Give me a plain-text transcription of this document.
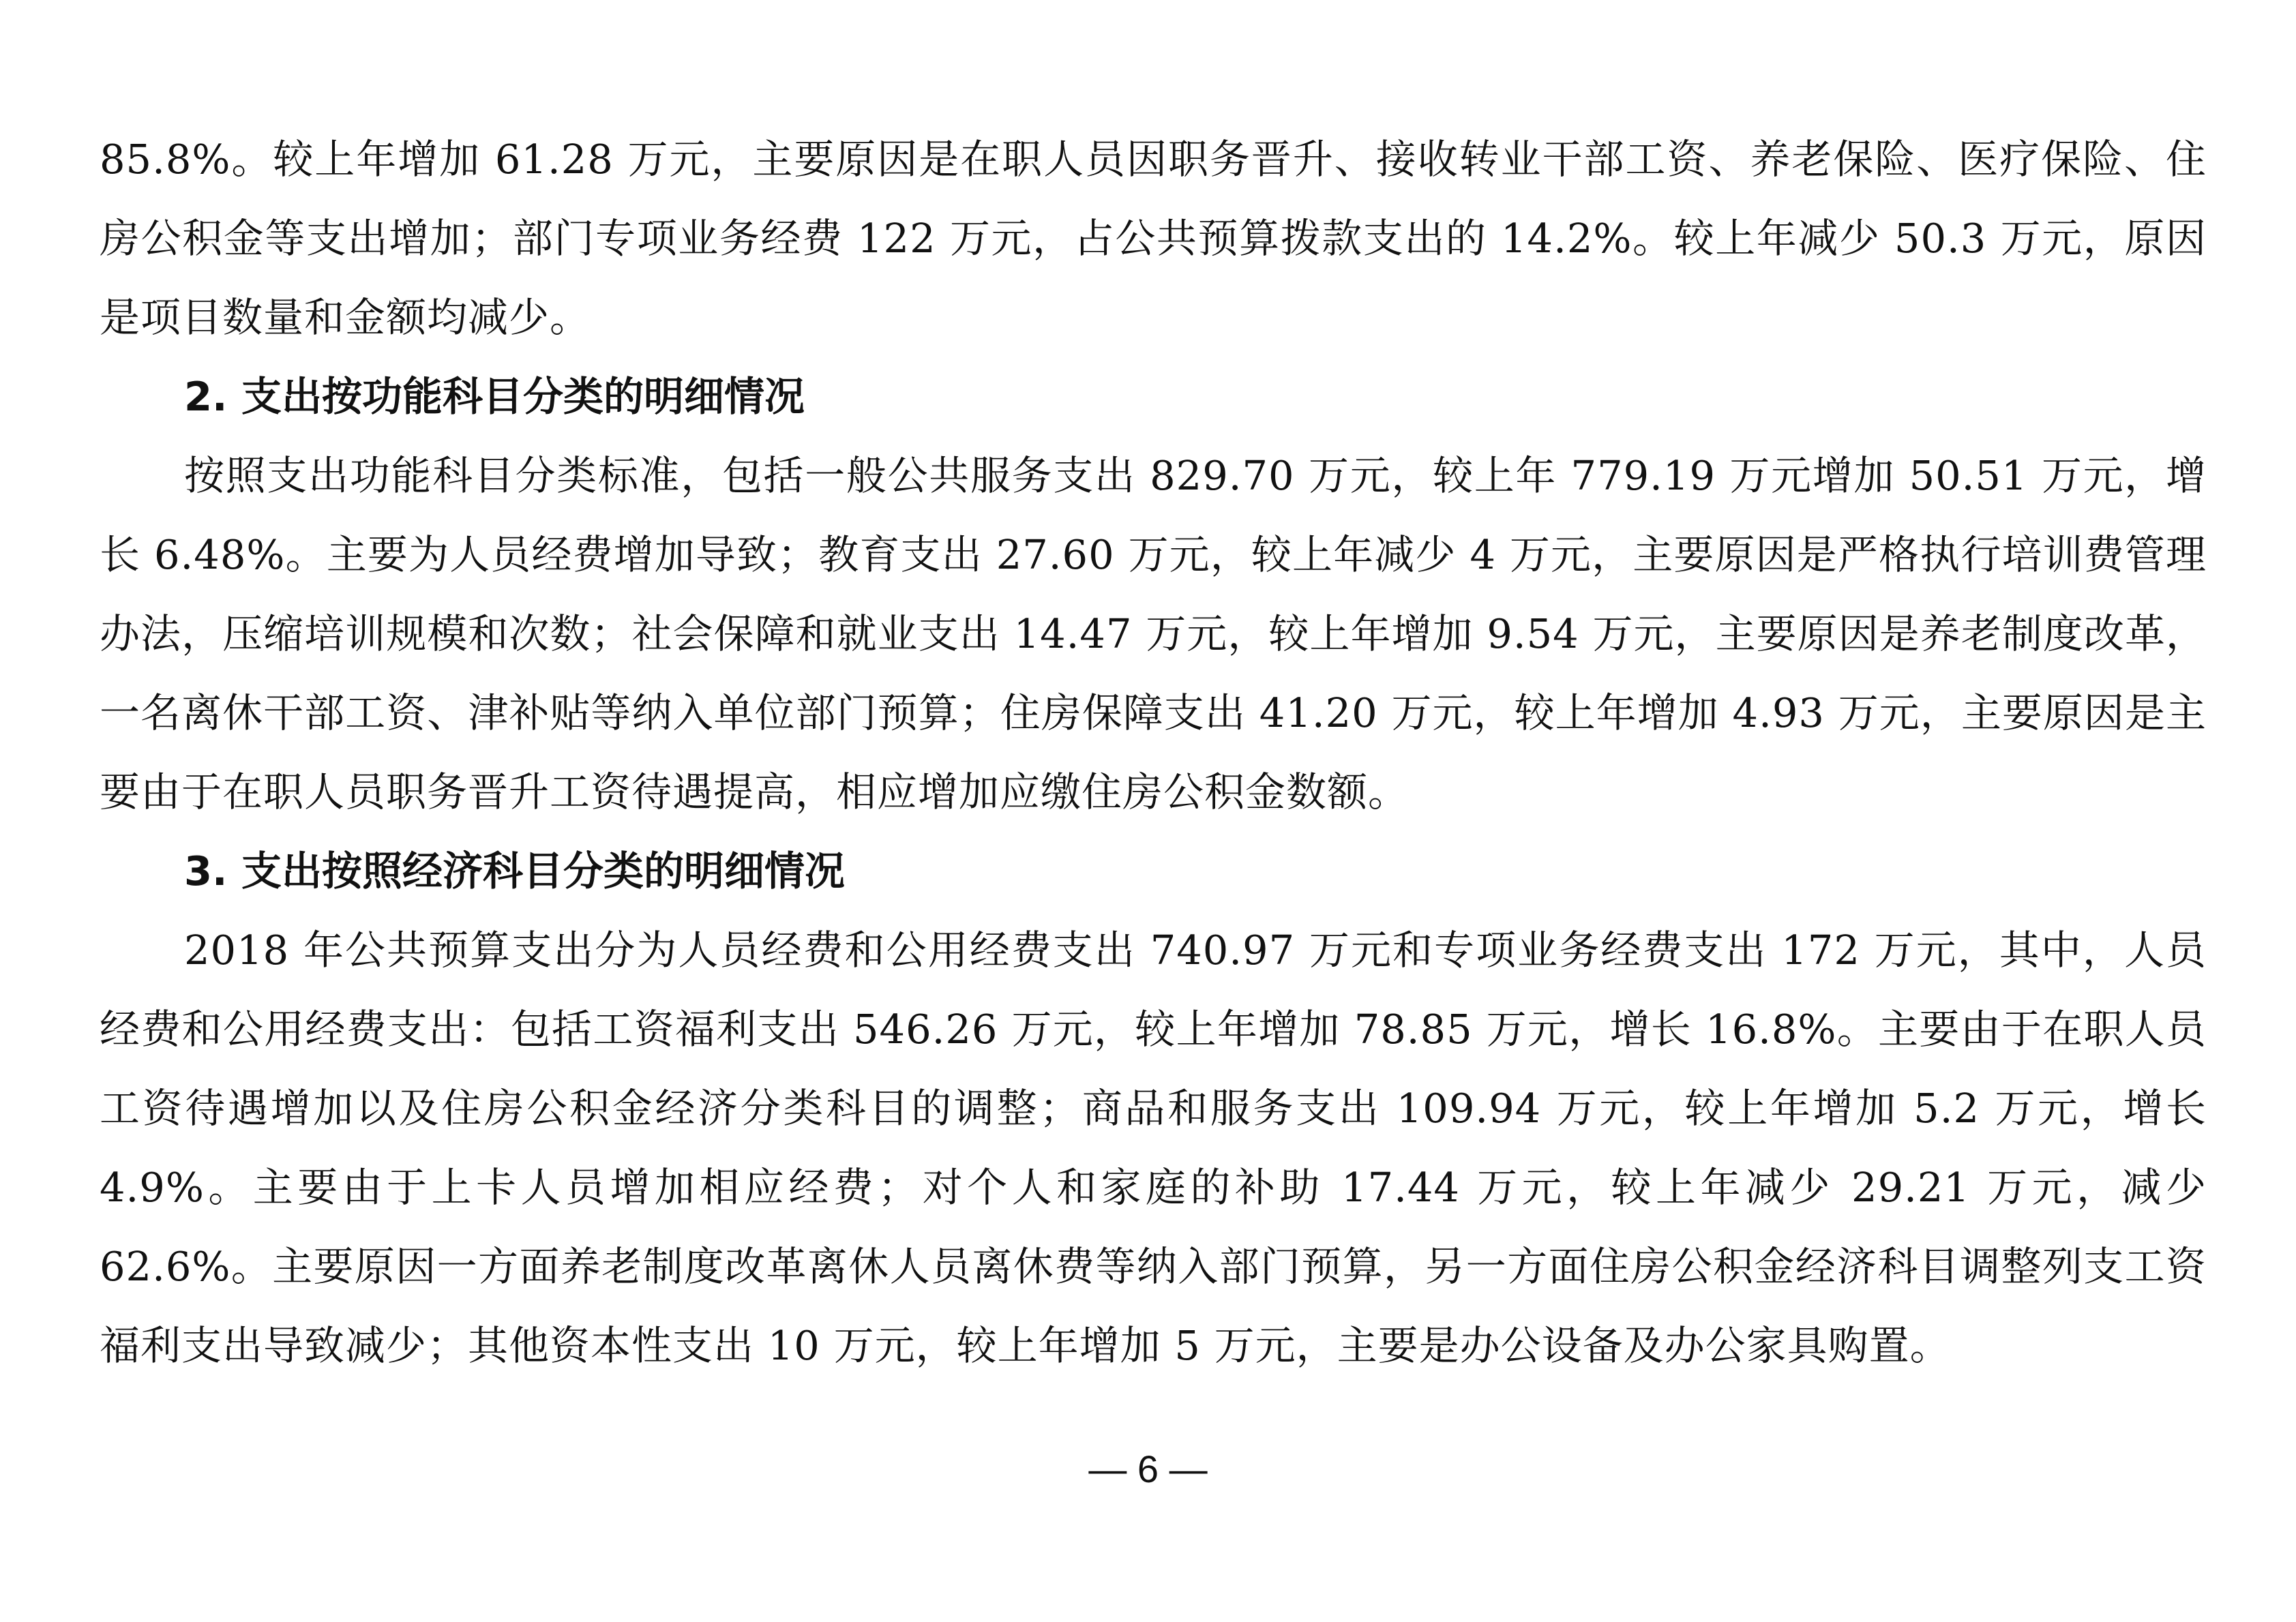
85.8%。较上年增加 61.28 万元，主要原因是在职人员因职务晋升、接收转业干部工资、养老保险、医疗保险、住房公积金等支出增加；部门专项业务经费 122 万元，占公共预算拨款支出的 14.2%。较上年减少 50.3 万元，原因是项目数量和金额均减少。

2. 支出按功能科目分类的明细情况

按照支出功能科目分类标准，包括一般公共服务支出 829.70 万元，较上年 779.19 万元增加 50.51 万元，增长 6.48%。主要为人员经费增加导致；教育支出 27.60 万元，较上年减少 4 万元，主要原因是严格执行培训费管理办法，压缩培训规模和次数；社会保障和就业支出 14.47 万元，较上年增加 9.54 万元，主要原因是养老制度改革，一名离休干部工资、津补贴等纳入单位部门预算；住房保障支出 41.20 万元，较上年增加 4.93 万元，主要原因是主要由于在职人员职务晋升工资待遇提高，相应增加应缴住房公积金数额。

3. 支出按照经济科目分类的明细情况

2018 年公共预算支出分为人员经费和公用经费支出 740.97 万元和专项业务经费支出 172 万元，其中，人员经费和公用经费支出：包括工资福利支出 546.26 万元，较上年增加 78.85 万元，增长 16.8%。主要由于在职人员工资待遇增加以及住房公积金经济分类科目的调整；商品和服务支出 109.94 万元，较上年增加 5.2 万元，增长 4.9%。主要由于上卡人员增加相应经费；对个人和家庭的补助 17.44 万元，较上年减少 29.21 万元，减少 62.6%。主要原因一方面养老制度改革离休人员离休费等纳入部门预算，另一方面住房公积金经济科目调整列支工资福利支出导致减少；其他资本性支出 10 万元，较上年增加 5 万元，主要是办公设备及办公家具购置。

— 6 —
